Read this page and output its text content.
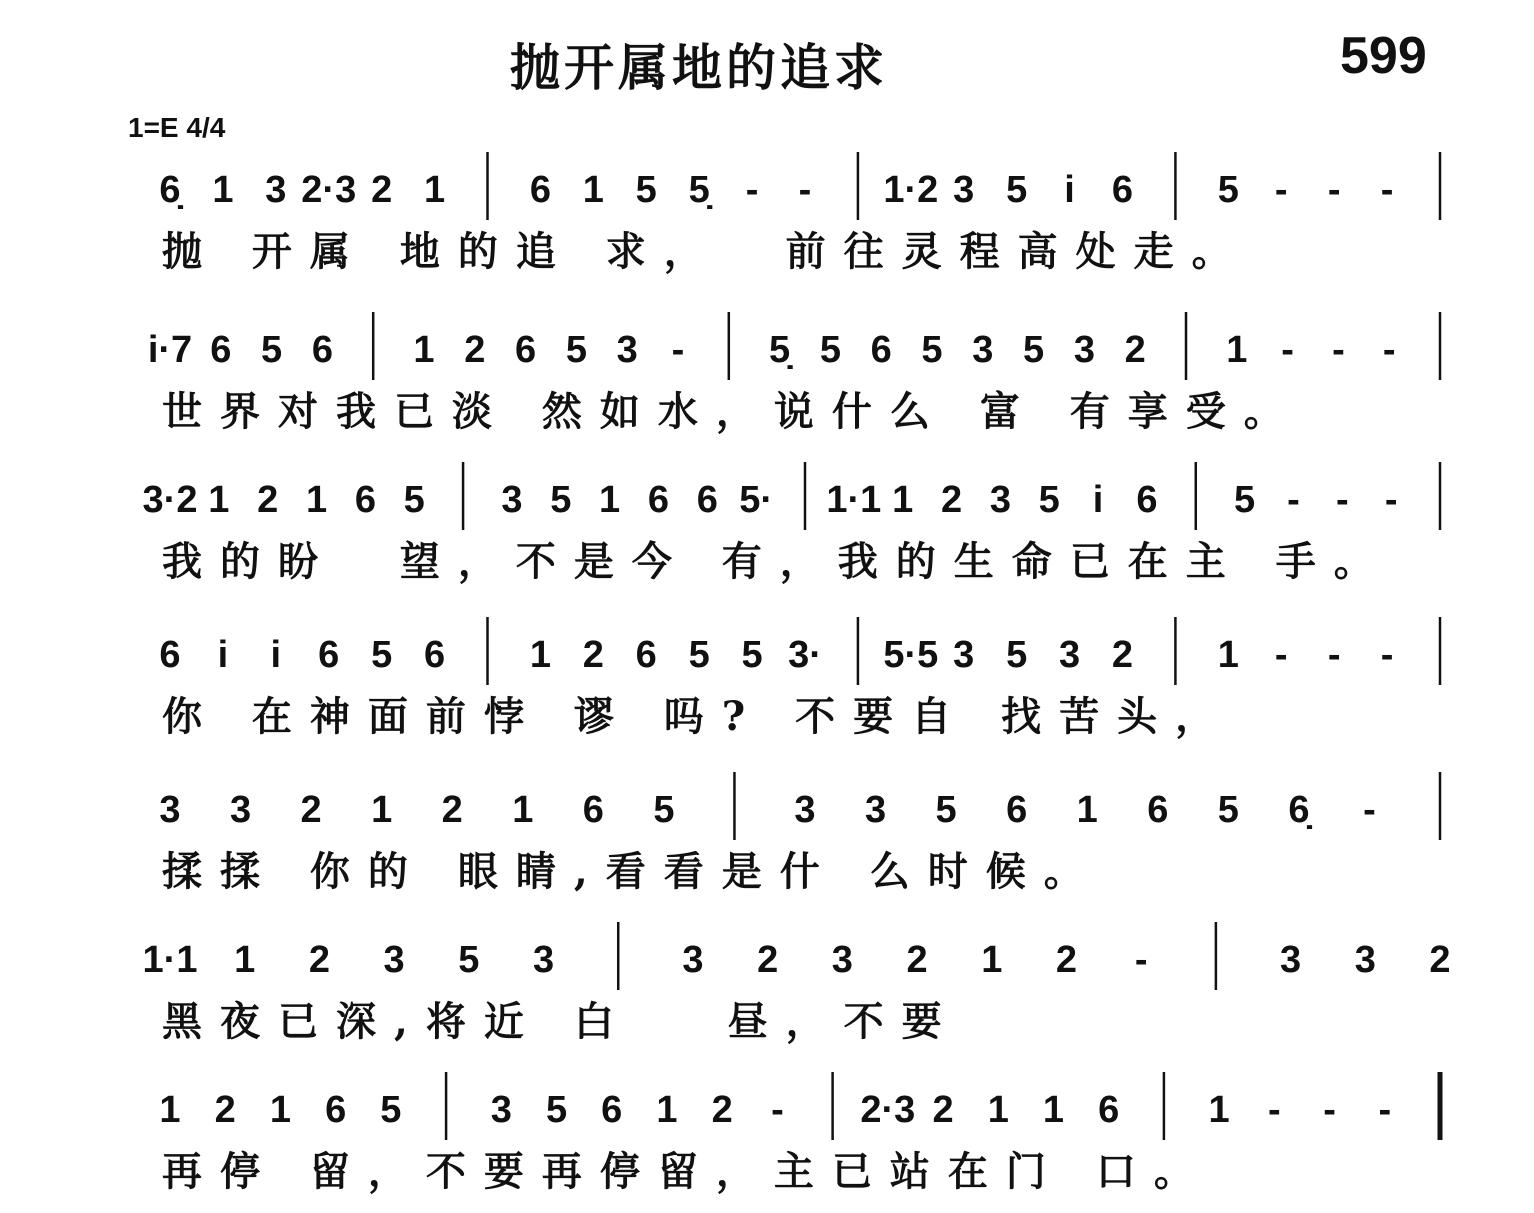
抛开属地的追求	599
1=E 4/4
6̣ 1 3 2·3 2 1 6 1 5 5̣ - - 1·2 3 5 i 6 5 - - -
抛 开属 地的追 求，  前往灵程高处走。
i·7 6 5 6 1 2 6 5 3 - 5̣ 5 6 5 3 5 3 2 1 - - -
世界对我已淡 然如水，说什么 富 有享受。
3·2 1 2 1 6 5 3 5 1 6 6 5· 1·1 1 2 3 5 i 6 5 - - -
我的盼  望，不是今 有，我的生命已在主 手。
6 i i 6 5 6 1 2 6 5 5 3· 5·5 3 5 3 2 1 - - -
你 在神面前悖 谬 吗? 不要自 找苦头，
3 3 2 1 2 1 6 5	3 3 5 6 1 6 5 6̣ -
揉揉 你的 眼睛,看看是什 么时候。
1·1 1 2 3 5 3	3 2 3 2 1 2 -	3 3 2
黑夜已深,将近 白   昼，不要
1 2 1 6 5 3 5 6 1 2 - 2·3 2 1 1 6 1 - - -
再停 留，不要再停留，主已站在门 口。
